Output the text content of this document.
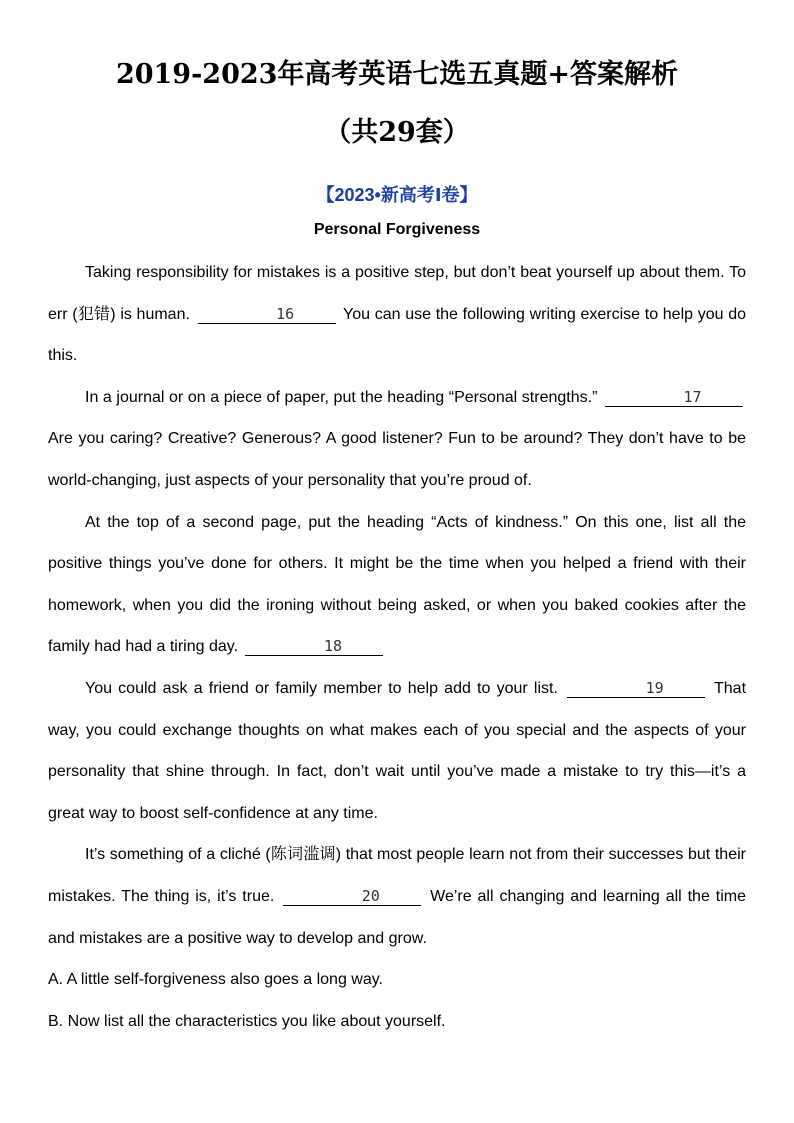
2019-2023年高考英语七选五真题+答案解析
（共29套）
【2023•新高考Ⅰ卷】
Personal Forgiveness

Taking responsibility for mistakes is a positive step, but don’t beat yourself up about them. To err (犯错) is human.	16	You can use the following writing exercise to help you do this.

In a journal or on a piece of paper, put the heading “Personal strengths.”	17 Are you caring? Creative? Generous? A good listener? Fun to be around? They don’t have to be world-changing, just aspects of your personality that you’re proud of.

At the top of a second page, put the heading “Acts of kindness.” On this one, list all the positive things you’ve done for others. It might be the time when you helped a friend with their homework, when you did the ironing without being asked, or when you baked cookies after the family had had a tiring day.	18

You could ask a friend or family member to help add to your list.	19	That way, you could exchange thoughts on what makes each of you special and the aspects of your personality that shine through. In fact, don’t wait until you’ve made a mistake to try this—it’s a great way to boost self-confidence at any time.

It’s something of a cliché (陈词滥调) that most people learn not from their successes but their mistakes. The thing is, it’s true.	20	We’re all changing and learning all the time and mistakes are a positive way to develop and grow.

A. A little self-forgiveness also goes a long way.

B. Now list all the characteristics you like about yourself.
